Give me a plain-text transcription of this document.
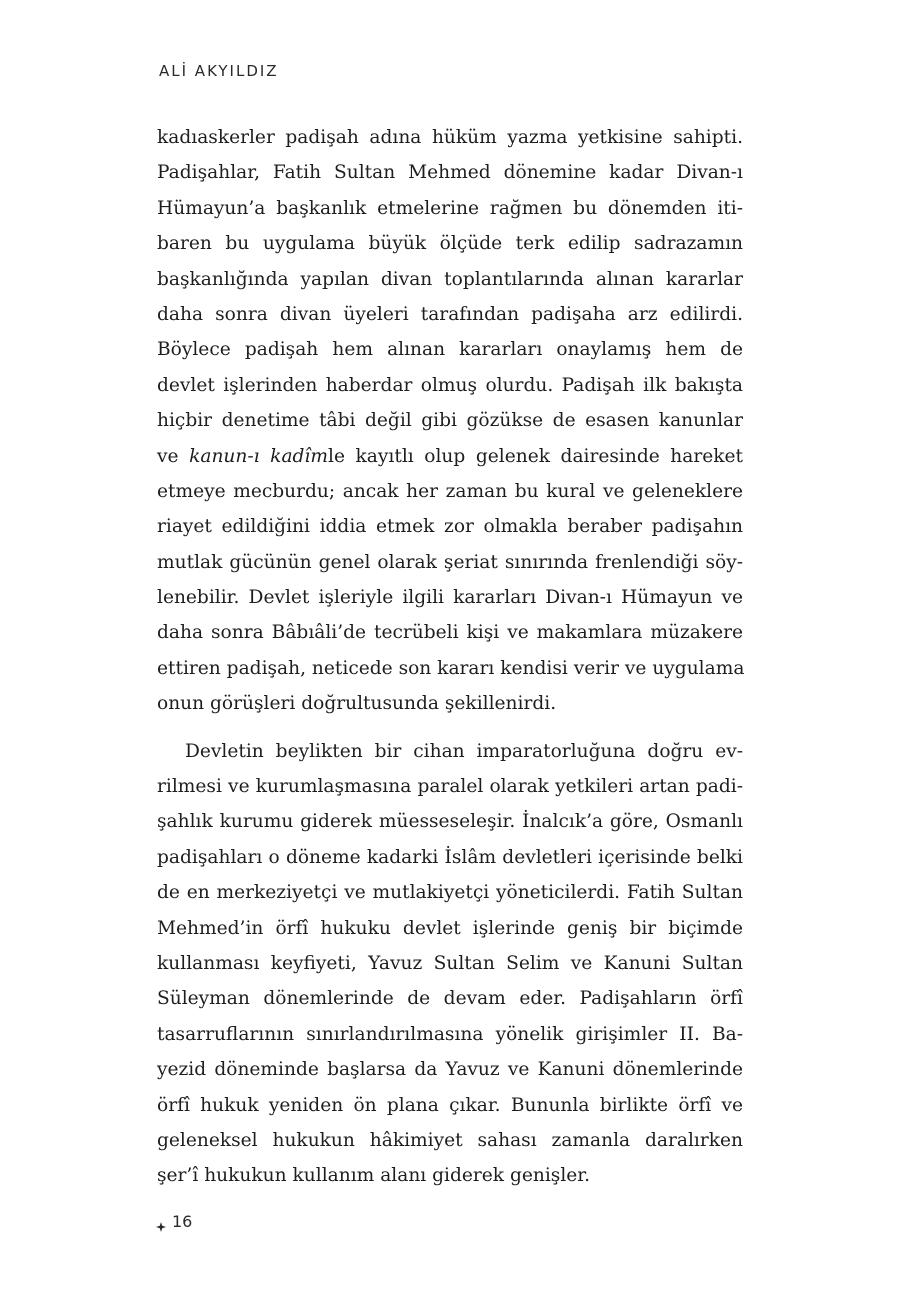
ALİ AKYILDIZ
kadıaskerler padişah adına hüküm yazma yetkisine sahipti.
Padişahlar, Fatih Sultan Mehmed dönemine kadar Divan-ı
Hümayun’a başkanlık etmelerine rağmen bu dönemden iti-
baren bu uygulama büyük ölçüde terk edilip sadrazamın
başkanlığında yapılan divan toplantılarında alınan kararlar
daha sonra divan üyeleri tarafından padişaha arz edilirdi.
Böylece padişah hem alınan kararları onaylamış hem de
devlet işlerinden haberdar olmuş olurdu. Padişah ilk bakışta
hiçbir denetime tâbi değil gibi gözükse de esasen kanunlar
ve kanun-ı kadîmle kayıtlı olup gelenek dairesinde hareket
etmeye mecburdu; ancak her zaman bu kural ve geleneklere
riayet edildiğini iddia etmek zor olmakla beraber padişahın
mutlak gücünün genel olarak şeriat sınırında frenlendiği söy-
lenebilir. Devlet işleriyle ilgili kararları Divan-ı Hümayun ve
daha sonra Bâbıâli’de tecrübeli kişi ve makamlara müzakere
ettiren padişah, neticede son kararı kendisi verir ve uygulama
onun görüşleri doğrultusunda şekillenirdi.
Devletin beylikten bir cihan imparatorluğuna doğru ev-
rilmesi ve kurumlaşmasına paralel olarak yetkileri artan padi-
şahlık kurumu giderek müesseseleşir. İnalcık’a göre, Osmanlı
padişahları o döneme kadarki İslâm devletleri içerisinde belki
de en merkeziyetçi ve mutlakiyetçi yöneticilerdi. Fatih Sultan
Mehmed’in örfî hukuku devlet işlerinde geniş bir biçimde
kullanması keyfiyeti, Yavuz Sultan Selim ve Kanuni Sultan
Süleyman dönemlerinde de devam eder. Padişahların örfî
tasarruflarının sınırlandırılmasına yönelik girişimler II. Ba-
yezid döneminde başlarsa da Yavuz ve Kanuni dönemlerinde
örfî hukuk yeniden ön plana çıkar. Bununla birlikte örfî ve
geleneksel hukukun hâkimiyet sahası zamanla daralırken
şer’î hukukun kullanım alanı giderek genişler.
16
